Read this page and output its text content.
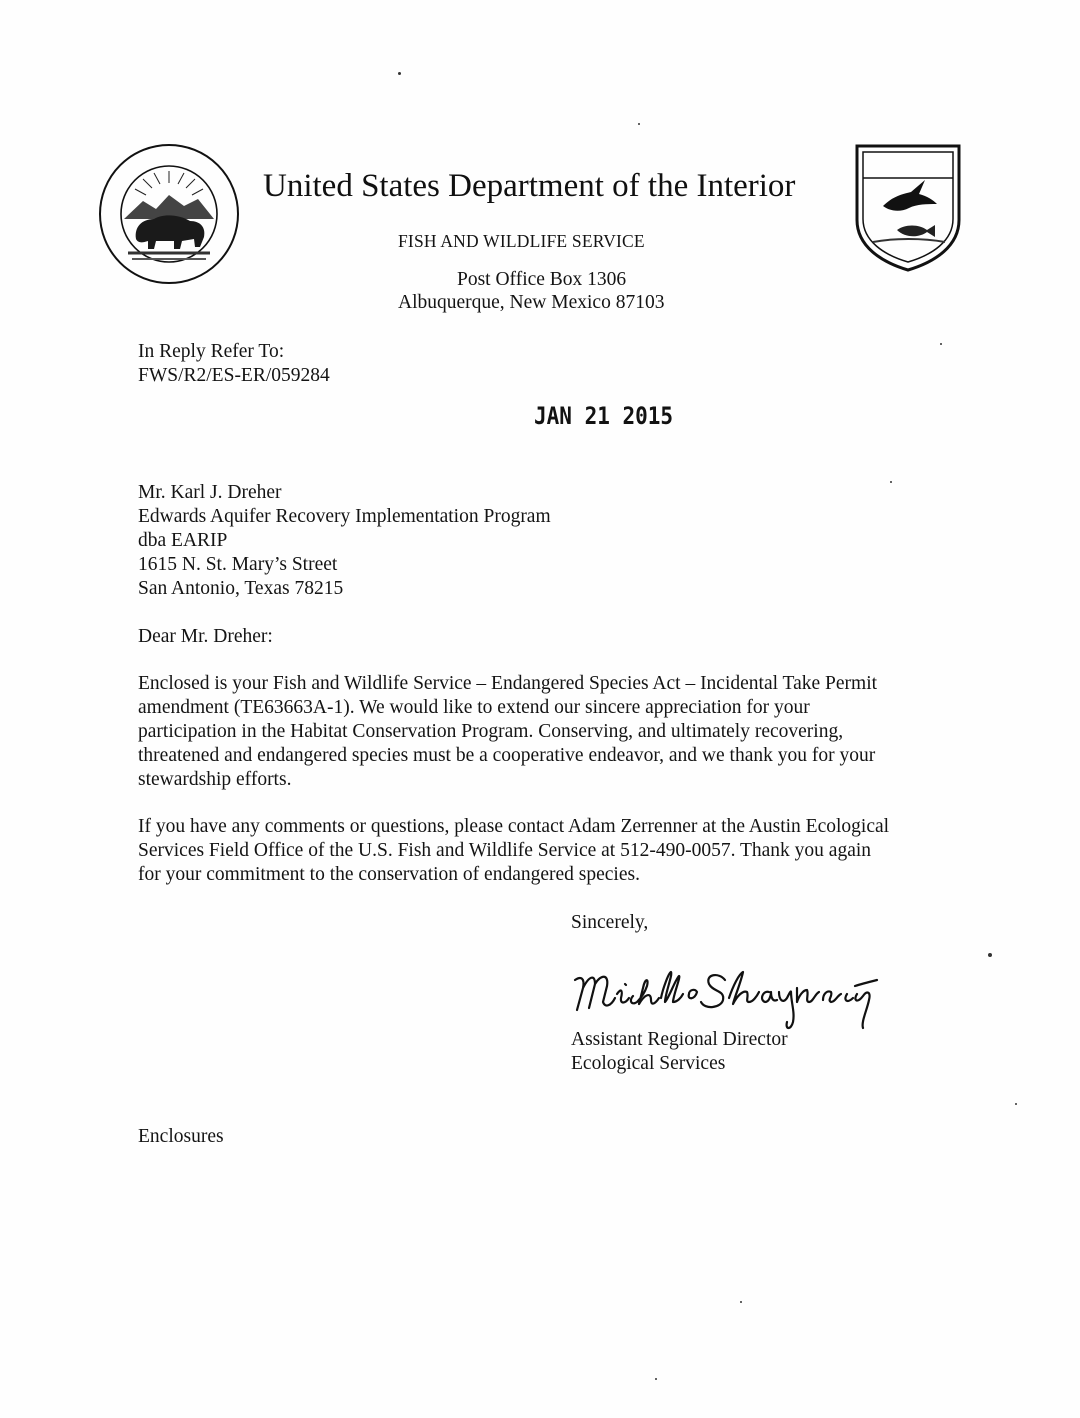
United States Department of the Interior
FISH AND WILDLIFE SERVICE
Post Office Box 1306
Albuquerque, New Mexico 87103
In Reply Refer To:
FWS/R2/ES-ER/059284
JAN 21 2015
Mr. Karl J. Dreher
Edwards Aquifer Recovery Implementation Program
dba EARIP
1615 N. St. Mary’s Street
San Antonio, Texas 78215
Dear Mr. Dreher:
Enclosed is your Fish and Wildlife Service – Endangered Species Act – Incidental Take Permit
amendment (TE63663A-1). We would like to extend our sincere appreciation for your
participation in the Habitat Conservation Program. Conserving, and ultimately recovering,
threatened and endangered species must be a cooperative endeavor, and we thank you for your
stewardship efforts.
If you have any comments or questions, please contact Adam Zerrenner at the Austin Ecological
Services Field Office of the U.S. Fish and Wildlife Service at 512-490-0057. Thank you again
for your commitment to the conservation of endangered species.
Sincerely,
Assistant Regional Director
Ecological Services
Enclosures
